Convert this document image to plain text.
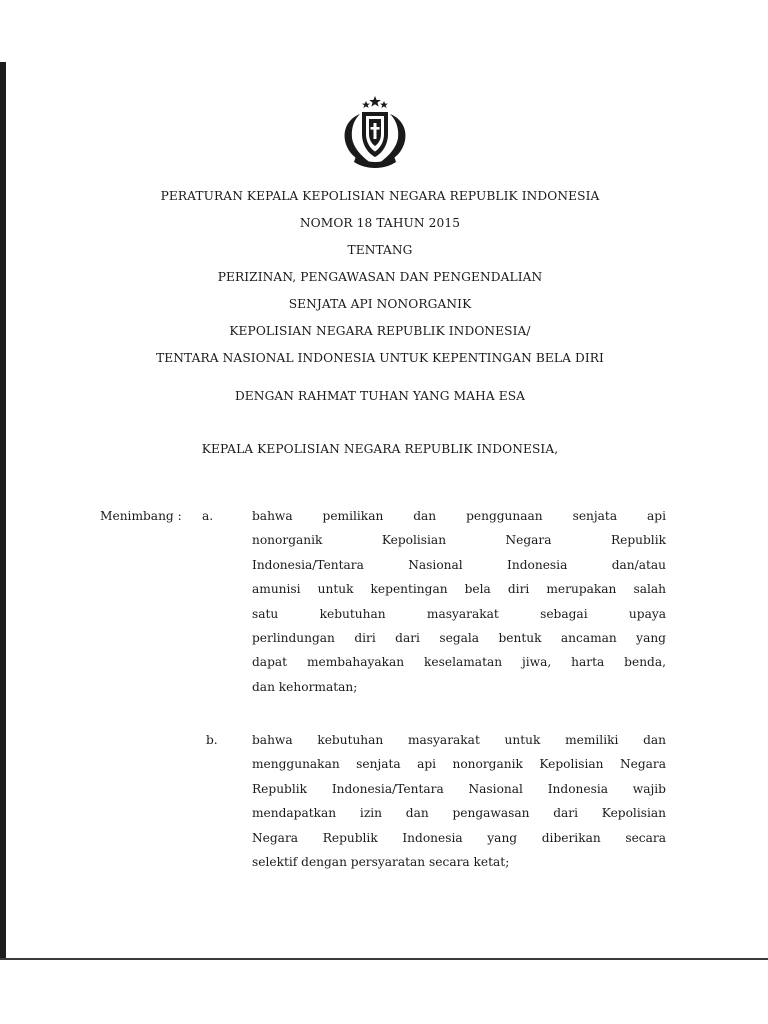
PERATURAN KEPALA KEPOLISIAN NEGARA REPUBLIK INDONESIA
NOMOR 18 TAHUN 2015
TENTANG
PERIZINAN, PENGAWASAN DAN PENGENDALIAN
SENJATA API NONORGANIK
KEPOLISIAN NEGARA REPUBLIK INDONESIA/
TENTARA NASIONAL INDONESIA UNTUK KEPENTINGAN BELA DIRI
DENGAN RAHMAT TUHAN YANG MAHA ESA
KEPALA KEPOLISIAN NEGARA REPUBLIK INDONESIA,
Menimbang : a.	bahwa pemilikan dan penggunaan senjata api
nonorganik Kepolisian Negara Republik
Indonesia/Tentara Nasional Indonesia dan/atau
amunisi untuk kepentingan bela diri merupakan salah
satu kebutuhan masyarakat sebagai upaya
perlindungan diri dari segala bentuk ancaman yang
dapat membahayakan keselamatan jiwa, harta benda,
dan kehormatan;
b.	bahwa kebutuhan masyarakat untuk memiliki dan
menggunakan senjata api nonorganik Kepolisian Negara
Republik Indonesia/Tentara Nasional Indonesia wajib
mendapatkan izin dan pengawasan dari Kepolisian
Negara Republik Indonesia yang diberikan secara
selektif dengan persyaratan secara ketat;
